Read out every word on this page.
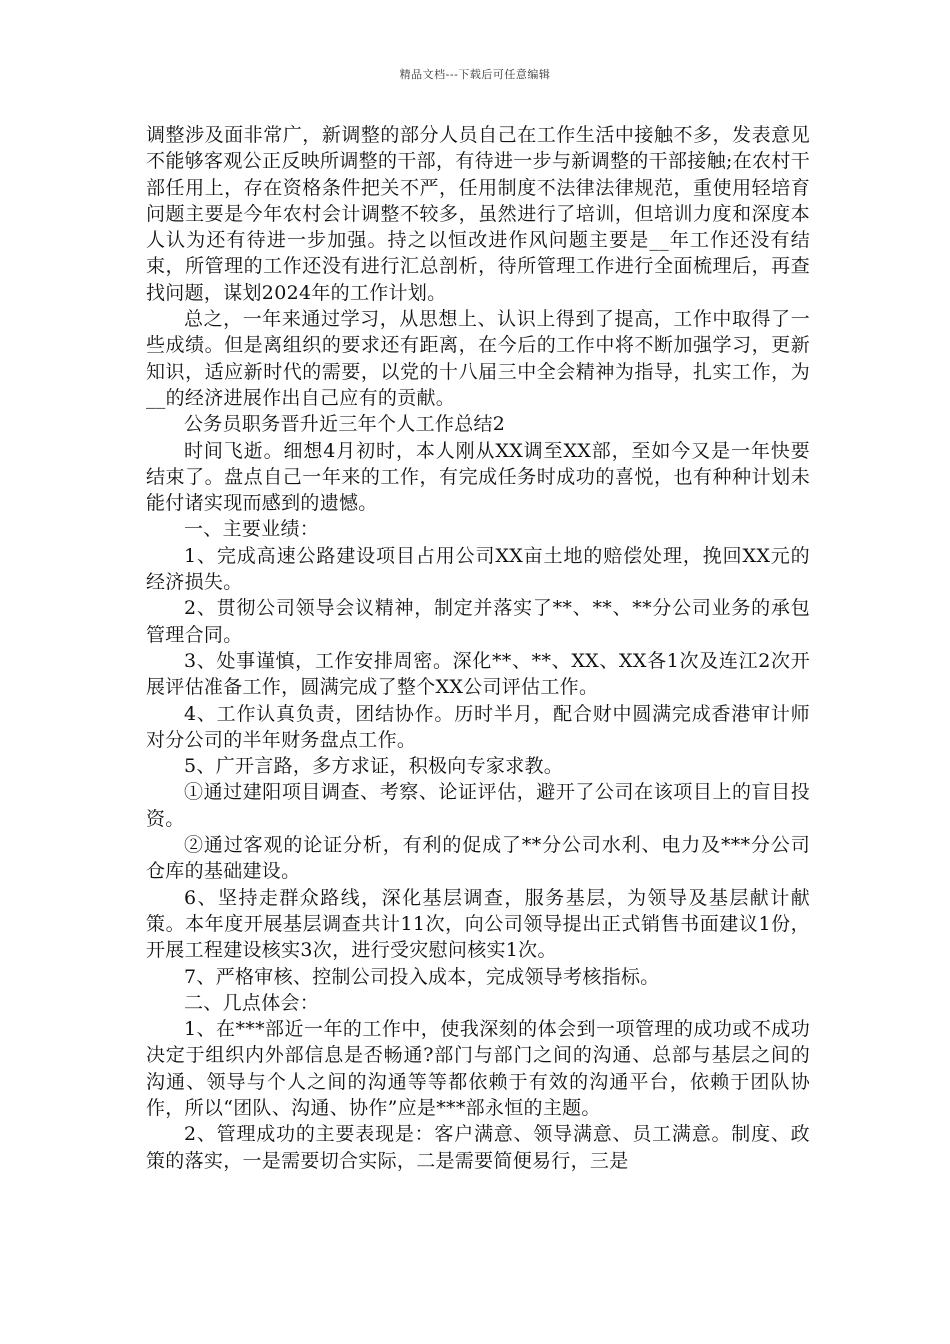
精品文档---下载后可任意编辑

调整涉及面非常广，新调整的部分人员自己在工作生活中接触不多，发表意见不能够客观公正反映所调整的干部，有待进一步与新调整的干部接触;在农村干部任用上，存在资格条件把关不严，任用制度不法律法律规范，重使用轻培育问题主要是今年农村会计调整不较多，虽然进行了培训，但培训力度和深度本人认为还有待进一步加强。持之以恒改进作风问题主要是__年工作还没有结束，所管理的工作还没有进行汇总剖析，待所管理工作进行全面梳理后，再查找问题，谋划2024年的工作计划。

总之，一年来通过学习，从思想上、认识上得到了提高，工作中取得了一些成绩。但是离组织的要求还有距离，在今后的工作中将不断加强学习，更新知识，适应新时代的需要，以党的十八届三中全会精神为指导，扎实工作，为__的经济进展作出自己应有的贡献。

公务员职务晋升近三年个人工作总结2

时间飞逝。细想4月初时，本人刚从XX调至XX部，至如今又是一年快要结束了。盘点自己一年来的工作，有完成任务时成功的喜悦，也有种种计划未能付诸实现而感到的遗憾。

一、主要业绩：

1、完成高速公路建设项目占用公司XX亩土地的赔偿处理，挽回XX元的经济损失。

2、贯彻公司领导会议精神，制定并落实了**、**、**分公司业务的承包管理合同。

3、处事谨慎，工作安排周密。深化**、**、XX、XX各1次及连江2次开展评估准备工作，圆满完成了整个XX公司评估工作。

4、工作认真负责，团结协作。历时半月，配合财中圆满完成香港审计师对分公司的半年财务盘点工作。

5、广开言路，多方求证，积极向专家求教。

①通过建阳项目调查、考察、论证评估，避开了公司在该项目上的盲目投资。

②通过客观的论证分析，有利的促成了**分公司水利、电力及***分公司仓库的基础建设。

6、坚持走群众路线，深化基层调查，服务基层，为领导及基层献计献策。本年度开展基层调查共计11次，向公司领导提出正式销售书面建议1份，开展工程建设核实3次，进行受灾慰问核实1次。

7、严格审核、控制公司投入成本，完成领导考核指标。

二、几点体会：

1、在***部近一年的工作中，使我深刻的体会到一项管理的成功或不成功决定于组织内外部信息是否畅通?部门与部门之间的沟通、总部与基层之间的沟通、领导与个人之间的沟通等等都依赖于有效的沟通平台，依赖于团队协作，所以“团队、沟通、协作”应是***部永恒的主题。

2、管理成功的主要表现是：客户满意、领导满意、员工满意。制度、政策的落实，一是需要切合实际，二是需要简便易行，三是
